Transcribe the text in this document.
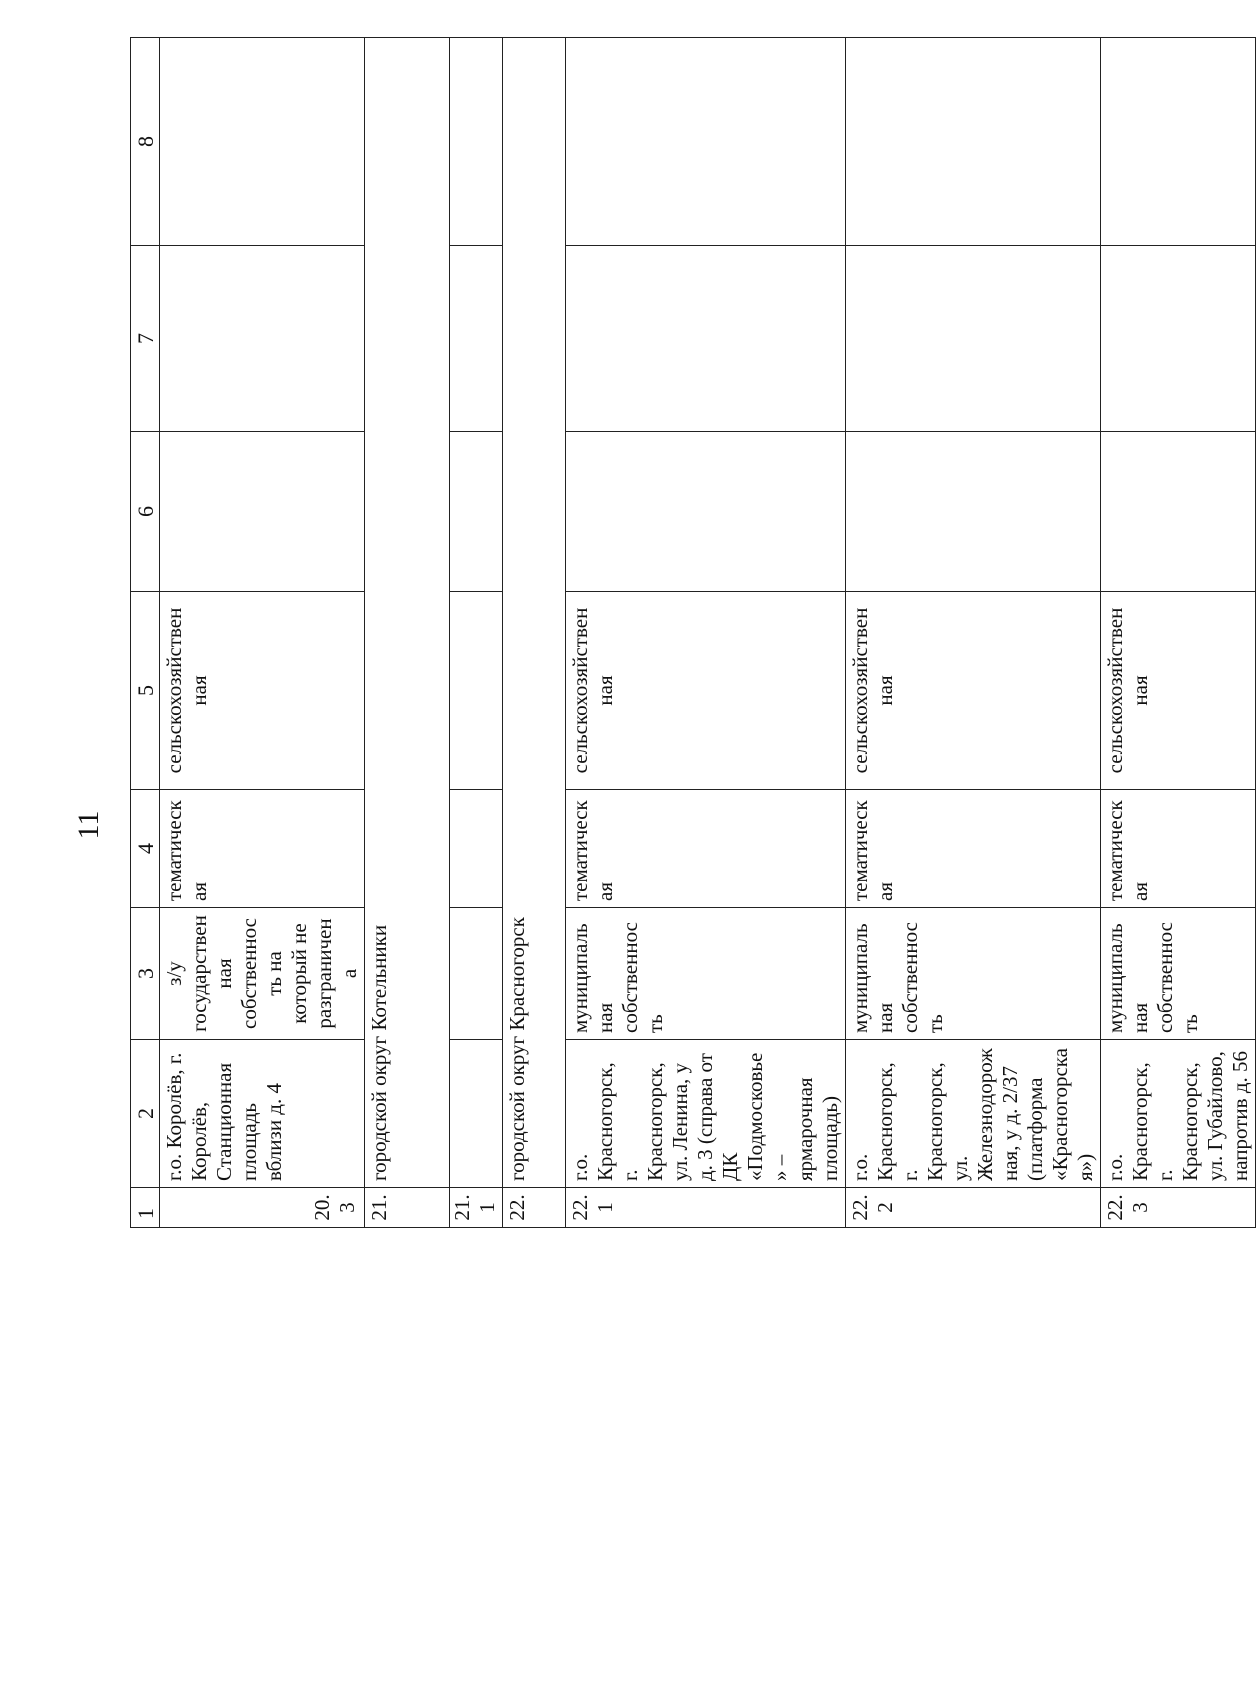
11
1	2	3	4	5	6	7	8
20.3	г.о. Королёв, г. Королёв, Станционная площадь вблизи д. 4	з/у государственная собственность на который не разграничена	тематическая	сельскохозяйствен ная			
21.	городской округ Котельники						
21.1							
22.	городской округ Красногорск						
22.1	г.о. Красногорск, г. Красногорск, ул. Ленина, у д. 3 (справа от ДК «Подмосковье» – ярмарочная площадь)	муниципальная собственность	тематическая	сельскохозяйствен ная			
22.2	г.о. Красногорск, г. Красногорск, ул. Железнодорожная, у д. 2/37 (платформа «Красногорская»)	муниципальная собственность	тематическая	сельскохозяйствен ная			
22.3	г.о. Красногорск, г. Красногорск, ул. Губайлово, напротив д. 56	муниципальная собственность	тематическая	сельскохозяйствен ная			
